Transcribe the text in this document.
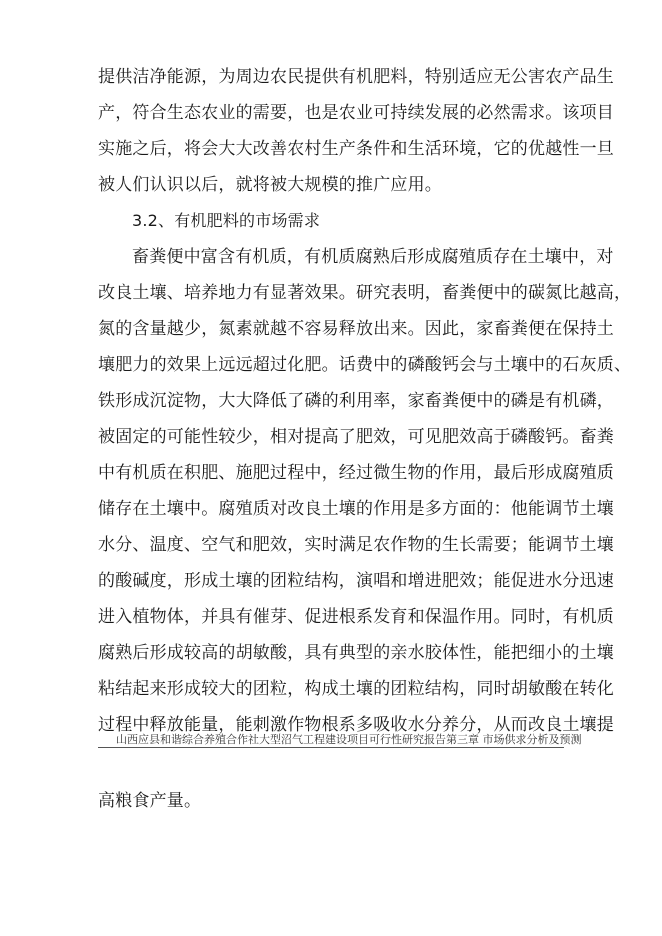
提供洁净能源，为周边农民提供有机肥料，特别适应无公害农产品生
产，符合生态农业的需要，也是农业可持续发展的必然需求。该项目
实施之后，将会大大改善农村生产条件和生活环境，它的优越性一旦
被人们认识以后，就将被大规模的推广应用。
3.2、有机肥料的市场需求
畜粪便中富含有机质，有机质腐熟后形成腐殖质存在土壤中，对
改良土壤、培养地力有显著效果。研究表明，畜粪便中的碳氮比越高，
氮的含量越少，氮素就越不容易释放出来。因此，家畜粪便在保持土
壤肥力的效果上远远超过化肥。话费中的磷酸钙会与土壤中的石灰质、
铁形成沉淀物，大大降低了磷的利用率，家畜粪便中的磷是有机磷，
被固定的可能性较少，相对提高了肥效，可见肥效高于磷酸钙。畜粪
中有机质在积肥、施肥过程中，经过微生物的作用，最后形成腐殖质
储存在土壤中。腐殖质对改良土壤的作用是多方面的：他能调节土壤
水分、温度、空气和肥效，实时满足农作物的生长需要；能调节土壤
的酸碱度，形成土壤的团粒结构，演唱和增进肥效；能促进水分迅速
进入植物体，并具有催芽、促进根系发育和保温作用。同时，有机质
腐熟后形成较高的胡敏酸，具有典型的亲水胶体性，能把细小的土壤
粘结起来形成较大的团粒，构成土壤的团粒结构，同时胡敏酸在转化
过程中释放能量，能刺激作物根系多吸收水分养分，从而改良土壤提
山西应县和谐综合养殖合作社大型沼气工程建设项目可行性研究报告第三章 市场供求分析及预测
高粮食产量。
